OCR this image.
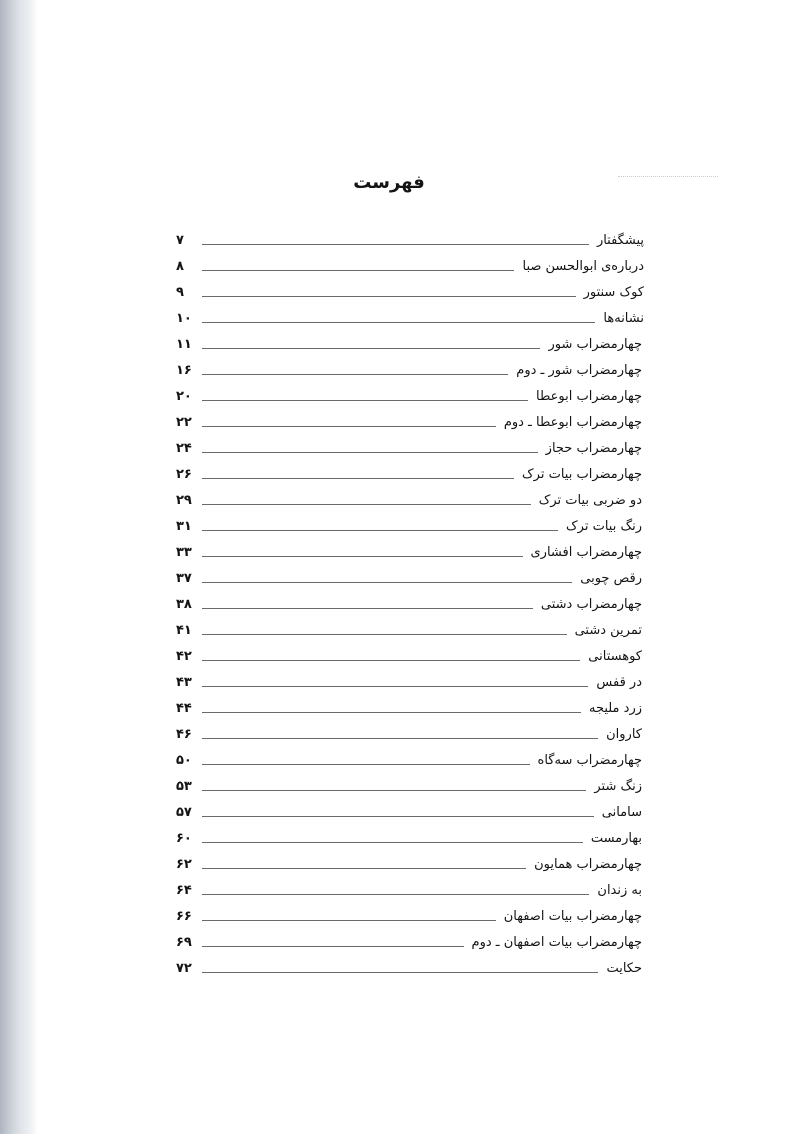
فهرست
پیشگفتار
۷
درباره‌ی ابوالحسن صبا
۸
کوک سنتور
۹
نشانه‌ها
۱۰
چهارمضراب شور
۱۱
چهارمضراب شور ـ دوم
۱۶
چهارمضراب ابوعطا
۲۰
چهارمضراب ابوعطا ـ دوم
۲۲
چهارمضراب حجاز
۲۴
چهارمضراب بیات ترک
۲۶
دو ضربی بیات ترک
۲۹
رنگ بیات ترک
۳۱
چهارمضراب افشاری
۳۳
رقص چوبی
۳۷
چهارمضراب دشتی
۳۸
تمرین دشتی
۴۱
کوهستانی
۴۲
در قفس
۴۳
زرد ملیجه
۴۴
کاروان
۴۶
چهارمضراب سه‌گاه
۵۰
زنگ شتر
۵۳
سامانی
۵۷
بهارمست
۶۰
چهارمضراب همایون
۶۲
به زندان
۶۴
چهارمضراب بیات اصفهان
۶۶
چهارمضراب بیات اصفهان ـ دوم
۶۹
حکایت
۷۲
